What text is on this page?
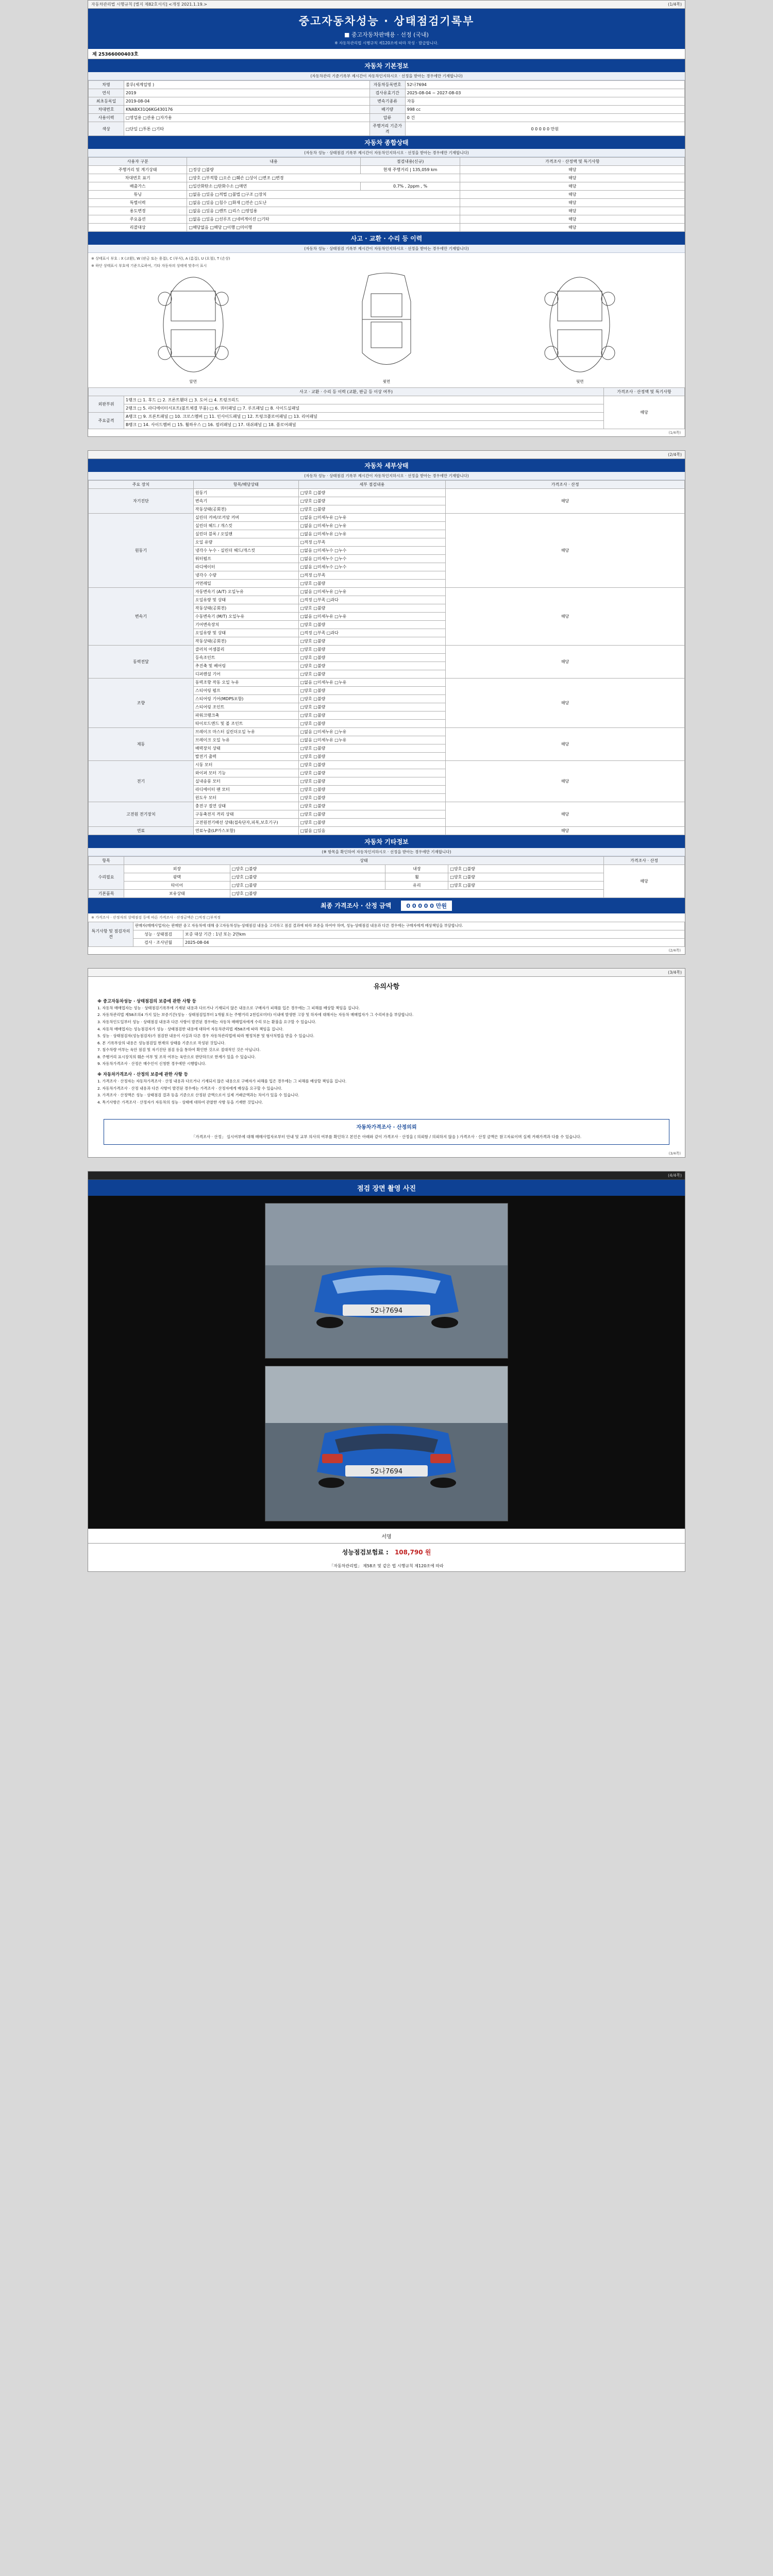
자동차관리법 시행규칙 [별지 제82호서식] <개정 2021.1.19.>	(1/4쪽)
중고자동차성능 · 상태점검기록부
■ 중고자동차판매용 · 선정 (국내)
※ 자동차관리법 시행규칙 제120조에 따라 작성 · 발급합니다.
제 25366000403호
자동차 기본정보
(자동차관리 기준기록부 제시간이 자동차인지하시오 · 선정을 받아는 경우에만 기재합니다)
차명	쏠루(세계업명 )	자동차등록번호	52나7694
연식	2019	검사유효기간	2025-08-04 ~ 2027-08-03
최초등록일	2019-08-04	변속기종류	자동
차대번호	KNABX31Q6KG430176	배기량	998 cc
사용이력	□영업용 □관용 □자가용	압류	0 건
색상	□단일 □투톤 □기타	주행거리 기준가격	0 0 0 0 0 만원
자동차 종합상태
(자동차 성능 · 상태점검 기록부 제시간이 자동차인지하시오 · 선정을 받아는 경우에만 기재합니다)
사용자 구분	내용	점검내용(신규)	가격조사 · 산정액 및 특기사항
주행거리 및 계기상태	□정상 □불량	현재 주행거리 | 135,059 km	해당
차대번호 표기	□양호 □부적합 □오손 □훼손 □상이 □변조 □변경		해당
배출가스	□일산화탄소 □탄화수소 □매연	0.7% , 2ppm , %	해당
튜닝	□없음 □있음 □적법 □불법 □구조 □장치		해당
특별이력	□없음 □있음 □침수 □화재 □전손 □도난		해당
용도변경	□없음 □있음 □렌트 □리스 □영업용		해당
주요옵션	□없음 □있음 □선루프 □네비게이션 □기타		해당
리콜대상	□해당없음 □해당 □이행 □미이행		해당
사고 · 교환 · 수리 등 이력
(자동차 성능 · 상태점검 기록부 제시간이 자동차인지하시오 · 선정을 받아는 경우에만 기재합니다)
※ 상태표시 부호 : X (교환), W (판금 또는 용접), C (부식), A (흠집), U (요철), T (손상)
※ 하단 상태표시 부호에 기준으로하여, 기타 자동차의 상태에 맞추어 표시
앞면	윗면	뒷면
사고 · 교환 · 수리 등 이력 (교환, 판금 등 이상 여부)		가격조사 · 산정액 및 특기사항
외판부위	1랭크 □ 1. 후드 □ 2. 프론트휀더 □ 3. 도어 □ 4. 트렁크리드	해당
	2랭크 □ 5. 라디에이터서포트(볼트체결 부품) □ 6. 쿼터패널 □ 7. 루프패널 □ 8. 사이드실패널	
주요골격	A랭크 □ 9. 프론트패널 □ 10. 크로스멤버 □ 11. 인사이드패널 □ 12. 트렁크플로어패널 □ 13. 리어패널	
	B랭크 □ 14. 사이드멤버 □ 15. 휠하우스 □ 16. 필러패널 □ 17. 대쉬패널 □ 18. 플로어패널	
(1/4쪽)
(2/4쪽)
자동차 세부상태
(자동차 성능 · 상태점검 기록부 제시간이 자동차인지하시오 · 선정을 받아는 경우에만 기재합니다)
주요 장치	항목/해당상태	세부 점검내용	가격조사 · 산정
자기진단	원동기	□양호 □불량	해당
	변속기	□양호 □불량	
	작동상태(공회전)	□양호 □불량	
원동기	실린더 커버/로커암 커버	□없음 □미세누유 □누유	해당
	실린더 헤드 / 개스킷	□없음 □미세누유 □누유	
	실린더 블록 / 오일팬	□없음 □미세누유 □누유	
	오일 유량	□적정 □부족	
	냉각수 누수 - 실린더 헤드/개스킷	□없음 □미세누수 □누수	
	워터펌프	□없음 □미세누수 □누수	
	라디에이터	□없음 □미세누수 □누수	
	냉각수 수량	□적정 □부족	
	커먼레일	□양호 □불량	
변속기	자동변속기 (A/T) 오일누유	□없음 □미세누유 □누유	해당
	오일유량 및 상태	□적정 □부족 □과다	
	작동상태(공회전)	□양호 □불량	
	수동변속기 (M/T) 오일누유	□없음 □미세누유 □누유	
	기어변속장치	□양호 □불량	
	오일유량 및 상태	□적정 □부족 □과다	
	작동상태(공회전)	□양호 □불량	
동력전달	클러치 어셈블리	□양호 □불량	해당
	등속조인트	□양호 □불량	
	추진축 및 베어링	□양호 □불량	
	디퍼렌셜 기어	□양호 □불량	
조향	동력조향 작동 오일 누유	□없음 □미세누유 □누유	해당
	스티어링 펌프	□양호 □불량	
	스티어링 기어(MDPS포함)	□양호 □불량	
	스티어링 조인트	□양호 □불량	
	파워크랭크축	□양호 □불량	
	타이로드엔드 및 볼 조인트	□양호 □불량	
제동	브레이크 마스터 실린더오일 누유	□없음 □미세누유 □누유	해당
	브레이크 오일 누유	□없음 □미세누유 □누유	
	배력장치 상태	□양호 □불량	
	발전기 출력	□양호 □불량	
전기	시동 모터	□양호 □불량	해당
	와이퍼 모터 기능	□양호 □불량	
	실내송풍 모터	□양호 □불량	
	라디에이터 팬 모터	□양호 □불량	
	윈도우 모터	□양호 □불량	
고전원 전기장치	충전구 절연 상태	□양호 □불량	해당
	구동축전지 격리 상태	□양호 □불량	
	고전원전기배선 상태(접속단자,피복,보호기구)	□양호 □불량	
연료	연료누출(LP가스포함)	□없음 □있음	해당
자동차 기타정보
(※ 항목을 확인하여 자동차인지하시오 · 선정을 받아는 경우에만 기재합니다)
항목	상태				가격조사 · 산정
수리필요	외장	□양호 □불량	내장	□양호 □불량	해당
	광택	□양호 □불량	휠	□양호 □불량	
	타이어	□양호 □불량	유리	□양호 □불량	
기본품목	보유상태	□양호 □불량			
최종 가격조사 · 산정 금액	0 0 0 0 0 만원
※ 가격조사 · 산정자의 상태점검 등에 따른 가격조사 · 산정금액은 □적정 □부적정
특기사항 및 점검자의견	판매자(매매사업자)는 판매한 중고 자동차에 대해 중고자동차성능·상태점검 내용을 고지하고 점검 결과에 따라 보증을 하여야 하며, 성능·상태점검 내용과 다른 경우에는 구매자에게 배상책임을 부담합니다.	
	성능 · 상태점검	보증 대상 기간 : 1년 또는 2만km
	검사 · 조사년월	2025-08-04
(2/4쪽)
(3/4쪽)
유의사항
※ 중고자동차성능 · 상태점검의 보증에 관한 사항 등

1. 자동차 매매업자는 성능 · 상태점검기록부에 기재된 내용과 다르거나 기재되지 않은 내용으로 구매자가 피해를 입은 경우에는 그 피해를 배상할 책임을 집니다.

2. 자동차관리법 제58조의4 가지 있는 보증기간(성능 · 상태점검일부터 1개월 또는 주행거리 2천킬로미터) 이내에 발생한 고장 및 하자에 대해서는 자동차 매매업자가 그 수리비용을 부담합니다.

3. 자동차인도일부터 성능 · 상태점검 내용과 다른 사항이 발견된 경우에는 자동차 매매업자에게 수리 또는 환불을 요구할 수 있습니다.

4. 자동차 매매업자는 성능점검자가 성능 · 상태점검한 내용에 대하여 자동차관리법 제58조에 따라 책임을 집니다.

5. 성능 · 상태점검자(성능점검자)가 점검한 내용이 사실과 다른 경우 자동차관리법에 따라 행정처분 및 형사처벌을 받을 수 있습니다.

6. 본 기록부상의 내용은 성능점검일 현재의 상태를 기준으로 작성된 것입니다.

7. 침수차량 여부는 육안 점검 및 자기진단 점검 등을 통하여 확인한 것으로 절대적인 것은 아닙니다.

8. 주행거리 표시장치의 훼손 여부 및 조작 여부는 육안으로 판단하므로 한계가 있을 수 있습니다.

9. 자동차가격조사 · 산정은 매수인이 신청한 경우에만 시행합니다.

※ 자동차가격조사 · 산정의 보증에 관한 사항 등

1. 가격조사 · 산정자는 자동차가격조사 · 산정 내용과 다르거나 기재되지 않은 내용으로 구매자가 피해를 입은 경우에는 그 피해를 배상할 책임을 집니다.

2. 자동차가격조사 · 산정 내용과 다른 사항이 발견된 경우에는 가격조사 · 산정자에게 배상을 요구할 수 있습니다.

3. 가격조사 · 산정액은 성능 · 상태점검 결과 등을 기준으로 산정된 금액으로서 실제 거래금액과는 차이가 있을 수 있습니다.

4. 특기사항은 가격조사 · 산정자가 자동차의 성능 · 상태에 대하여 관찰한 사항 등을 기재한 것입니다.

자동차가격조사 · 산정의뢰
「가격조사 · 산정」 실시여부에 대해 매매사업자로부터 안내 및 교부 의사의 여부를 확인하고 본인은 아래와 같이 가격조사 · 산정을 ( 의뢰함 / 의뢰하지 않음 ) 가격조사 · 산정 금액은 참고자료이며 실제 거래가격과 다를 수 있습니다.
(3/4쪽)
(4/4쪽)
점검 장면 촬영 사진
52나7694
52나7694
서명
성능점검보험료 : 108,790 원
「자동차관리법」 제58조 및 같은 법 시행규칙 제120조에 따라
